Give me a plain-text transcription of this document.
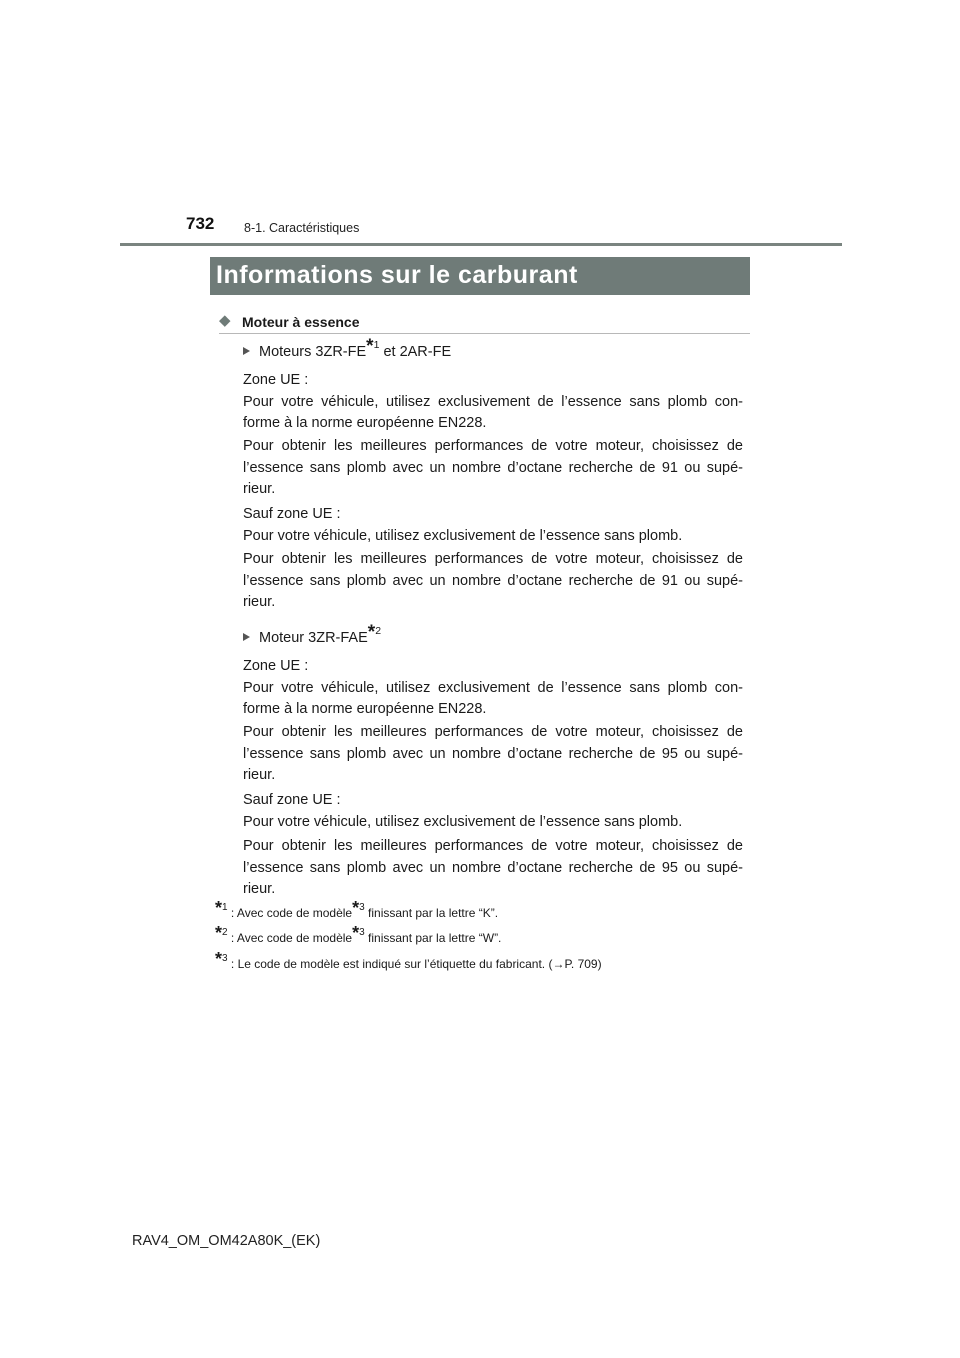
732 8-1. Caractéristiques
Informations sur le carburant
◆ Moteur à essence
Moteurs 3ZR-FE*$^1$ et 2AR-FE

Zone UE :

Pour votre véhicule, utilisez exclusivement de l’essence sans plomb con-forme à la norme européenne EN228.

Pour obtenir les meilleures performances de votre moteur, choisissez de l’essence sans plomb avec un nombre d’octane recherche de 91 ou supé-rieur.

Sauf zone UE :

Pour votre véhicule, utilisez exclusivement de l’essence sans plomb.

Pour obtenir les meilleures performances de votre moteur, choisissez de l’essence sans plomb avec un nombre d’octane recherche de 91 ou supé-rieur.

Moteur 3ZR-FAE*$^2$

Zone UE :

Pour votre véhicule, utilisez exclusivement de l’essence sans plomb con-forme à la norme européenne EN228.

Pour obtenir les meilleures performances de votre moteur, choisissez de l’essence sans plomb avec un nombre d’octane recherche de 95 ou supé-rieur.

Sauf zone UE :

Pour votre véhicule, utilisez exclusivement de l’essence sans plomb.

Pour obtenir les meilleures performances de votre moteur, choisissez de l’essence sans plomb avec un nombre d’octane recherche de 95 ou supé-rieur.

*$^1$ : Avec code de modèle*$^3$ finissant par la lettre “K”.
*$^2$ : Avec code de modèle*$^3$ finissant par la lettre “W”.
*$^3$ : Le code de modèle est indiqué sur l’étiquette du fabricant. (→P. 709)
RAV4_OM_OM42A80K_(EK)
